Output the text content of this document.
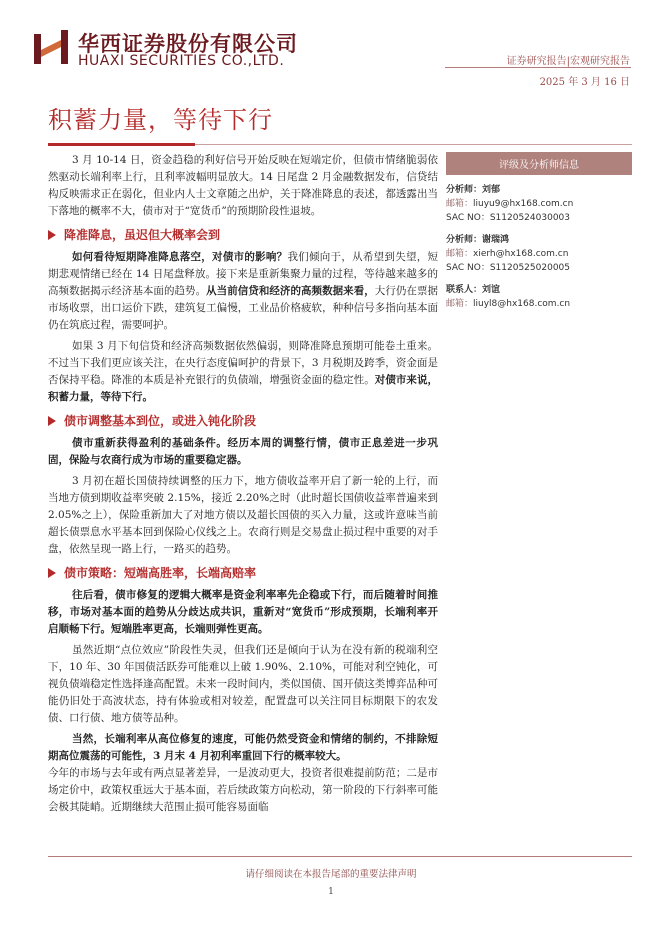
华西证券股份有限公司
HUAXI SECURITIES CO.,LTD.	证券研究报告|宏观研究报告
2025 年 3 月 16 日
积蓄力量，等待下行

3 月 10-14 日，资金趋稳的利好信号开始反映在短端定价，但债市情绪脆弱依然驱动长端利率上行，且利率波幅明显放大。14 日尾盘 2 月金融数据发布，信贷结构反映需求正在弱化，但业内人士文章随之出炉，关于降准降息的表述，都透露出当下落地的概率不大，债市对于“宽货币”的预期阶段性退坡。

降准降息，虽迟但大概率会到

如何看待短期降准降息落空，对债市的影响？我们倾向于，从希望到失望，短期悲观情绪已经在 14 日尾盘释放。接下来是重新集聚力量的过程，等待越来越多的高频数据揭示经济基本面的趋势。从当前信贷和经济的高频数据来看，大行仍在票据市场收票，出口运价下跌，建筑复工偏慢，工业品价格疲软，种种信号多指向基本面仍在筑底过程，需要呵护。

如果 3 月下旬信贷和经济高频数据依然偏弱，则降准降息预期可能卷土重来。不过当下我们更应该关注，在央行态度偏呵护的背景下，3 月税期及跨季，资金面是否保持平稳。降准的本质是补充银行的负债端，增强资金面的稳定性。对债市来说，积蓄力量，等待下行。

债市调整基本到位，或进入钝化阶段

债市重新获得盈利的基础条件。经历本周的调整行情，债市正息差进一步巩固，保险与农商行成为市场的重要稳定器。

3 月初在超长国债持续调整的压力下，地方债收益率开启了新一轮的上行，而当地方债到期收益率突破 2.15%，接近 2.20%之时（此时超长国债收益率普遍来到 2.05%之上），保险重新加大了对地方债以及超长国债的买入力量，这或许意味当前超长债票息水平基本回到保险心仪线之上。农商行则是交易盘止损过程中重要的对手盘，依然呈现一路上行，一路买的趋势。

债市策略：短端高胜率，长端高赔率

往后看，债市修复的逻辑大概率是资金利率率先企稳或下行，而后随着时间推移，市场对基本面的趋势从分歧达成共识，重新对“宽货币”形成预期，长端利率开启顺畅下行。短端胜率更高，长端则弹性更高。

虽然近期“点位效应”阶段性失灵，但我们还是倾向于认为在没有新的税端利空下，10 年、30 年国债活跃券可能难以上破 1.90%、2.10%，可能对利空钝化，可视负债端稳定性选择逢高配置。未来一段时间内，类似国债、国开债这类博弈品种可能仍旧处于高波状态，持有体验或相对较差，配置盘可以关注同目标期限下的农发债、口行债、地方债等品种。

当然，长端利率从高位修复的速度，可能仍然受资金和情绪的制约，不排除短期高位震荡的可能性，3 月末 4 月初利率重回下行的概率较大。
今年的市场与去年或有两点显著差异，一是波动更大，投资者很难提前防范；二是市场定价中，政策权重远大于基本面，若后续政策方向松动，第一阶段的下行斜率可能会极其陡峭。近期继续大范围止损可能容易面临

评级及分析师信息
分析师：刘郁
邮箱：liuyu9@hx168.com.cn
SAC NO：S1120524030003
分析师：谢瑞鸿
邮箱：xierh@hx168.com.cn
SAC NO：S1120525020005
联系人：刘谊
邮箱：liuyl8@hx168.com.cn
请仔细阅读在本报告尾部的重要法律声明
1
